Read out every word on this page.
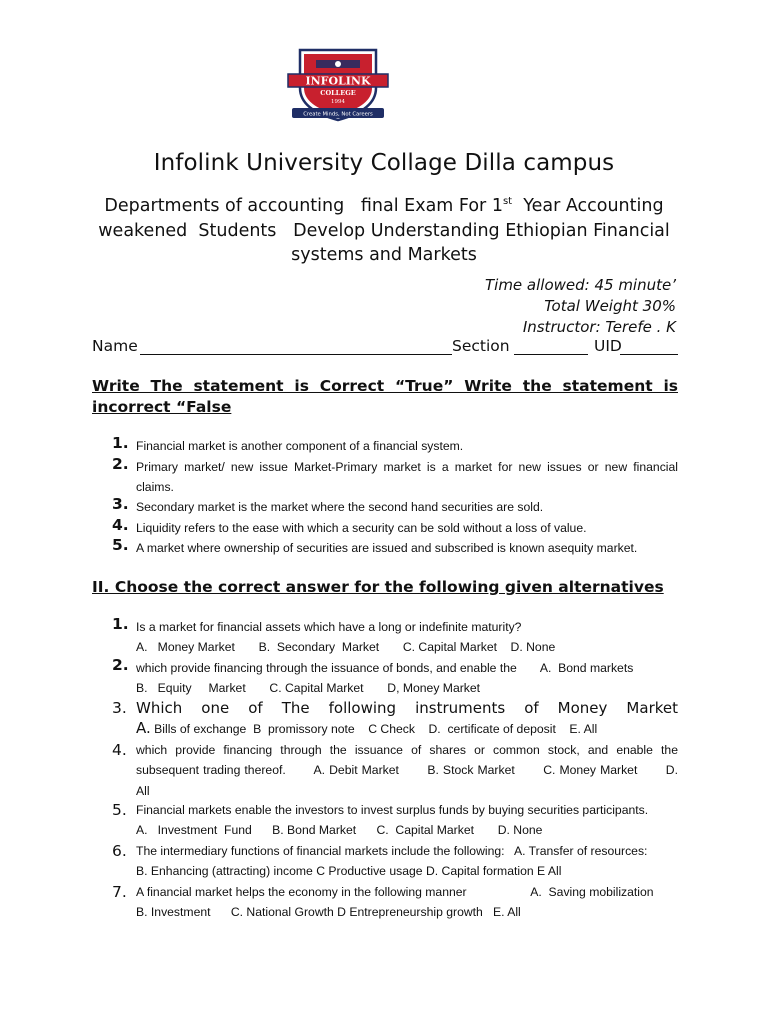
INFOLINK
COLLEGE
1994
Create Minds, Not Careers
Infolink University Collage Dilla campus
Departments of accounting   final Exam For 1st  Year Accounting
weakened  Students   Develop Understanding Ethiopian Financial
systems and Markets
Time allowed: 45 minute’
Total Weight 30%
Instructor: Terefe . K
Name	Section	UID
Write The statement is Correct “True” Write the statement is
incorrect “False
1. Financial market is another component of a financial system.
2. Primary market/ new issue Market-Primary market is a market for new issues or new financial
claims.
3. Secondary market is the market where the second hand securities are sold.
4. Liquidity refers to the ease with which a security can be sold without a loss of value.
5. A market where ownership of securities are issued and subscribed is known asequity market.
II. Choose the correct answer for the following given alternatives
1. Is a market for financial assets which have a long or indefinite maturity?
A.   Money Market       B.  Secondary  Market       C. Capital Market    D. None
2. which provide financing through the issuance of bonds, and enable the       A.  Bond markets
B.   Equity     Market       C. Capital Market       D, Money Market
3. Which one of The following instruments of Money Market
A. Bills of exchange  B  promissory note    C Check    D.  certificate of deposit    E. All
4. which provide financing through the issuance of shares or common stock, and enable the
subsequent trading thereof.       A. Debit Market       B. Stock Market       C. Money Market       D.
All
5. Financial markets enable the investors to invest surplus funds by buying securities participants.
A.   Investment  Fund      B. Bond Market      C.  Capital Market       D. None
6. The intermediary functions of financial markets include the following:   A. Transfer of resources:
B. Enhancing (attracting) income C Productive usage D. Capital formation E All
7. A financial market helps the economy in the following manner                   A.  Saving mobilization
B. Investment      C. National Growth D Entrepreneurship growth   E. All
